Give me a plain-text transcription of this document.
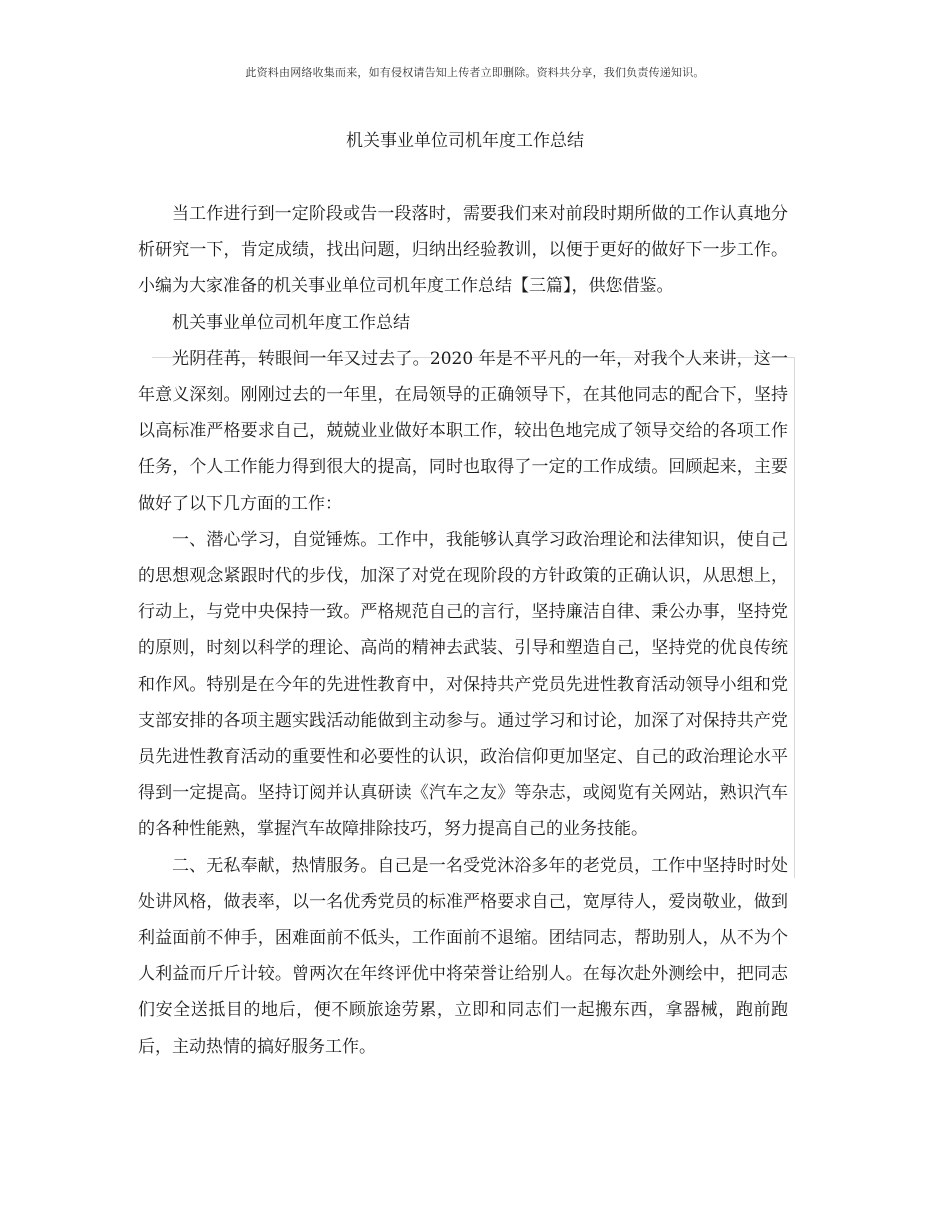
此资料由网络收集而来，如有侵权请告知上传者立即删除。资料共分享，我们负责传递知识。
机关事业单位司机年度工作总结

当工作进行到一定阶段或告一段落时，需要我们来对前段时期所做的工作认真地分析研究一下，肯定成绩，找出问题，归纳出经验教训，以便于更好的做好下一步工作。小编为大家准备的机关事业单位司机年度工作总结【三篇】，供您借鉴。

机关事业单位司机年度工作总结

光阴荏苒，转眼间一年又过去了。2020 年是不平凡的一年，对我个人来讲，这一年意义深刻。刚刚过去的一年里，在局领导的正确领导下，在其他同志的配合下，坚持以高标准严格要求自己，兢兢业业做好本职工作，较出色地完成了领导交给的各项工作任务，个人工作能力得到很大的提高，同时也取得了一定的工作成绩。回顾起来，主要做好了以下几方面的工作：

一、潜心学习，自觉锤炼。工作中，我能够认真学习政治理论和法律知识，使自己的思想观念紧跟时代的步伐，加深了对党在现阶段的方针政策的正确认识，从思想上，行动上，与党中央保持一致。严格规范自己的言行，坚持廉洁自律、秉公办事，坚持党的原则，时刻以科学的理论、高尚的精神去武装、引导和塑造自己，坚持党的优良传统和作风。特别是在今年的先进性教育中，对保持共产党员先进性教育活动领导小组和党支部安排的各项主题实践活动能做到主动参与。通过学习和讨论，加深了对保持共产党员先进性教育活动的重要性和必要性的认识，政治信仰更加坚定、自己的政治理论水平得到一定提高。坚持订阅并认真研读《汽车之友》等杂志，或阅览有关网站，熟识汽车的各种性能熟，掌握汽车故障排除技巧，努力提高自己的业务技能。

二、无私奉献，热情服务。自己是一名受党沐浴多年的老党员，工作中坚持时时处处讲风格，做表率，以一名优秀党员的标准严格要求自己，宽厚待人，爱岗敬业，做到利益面前不伸手，困难面前不低头，工作面前不退缩。团结同志，帮助别人，从不为个人利益而斤斤计较。曾两次在年终评优中将荣誉让给别人。在每次赴外测绘中，把同志们安全送抵目的地后，便不顾旅途劳累，立即和同志们一起搬东西，拿器械，跑前跑后，主动热情的搞好服务工作。
